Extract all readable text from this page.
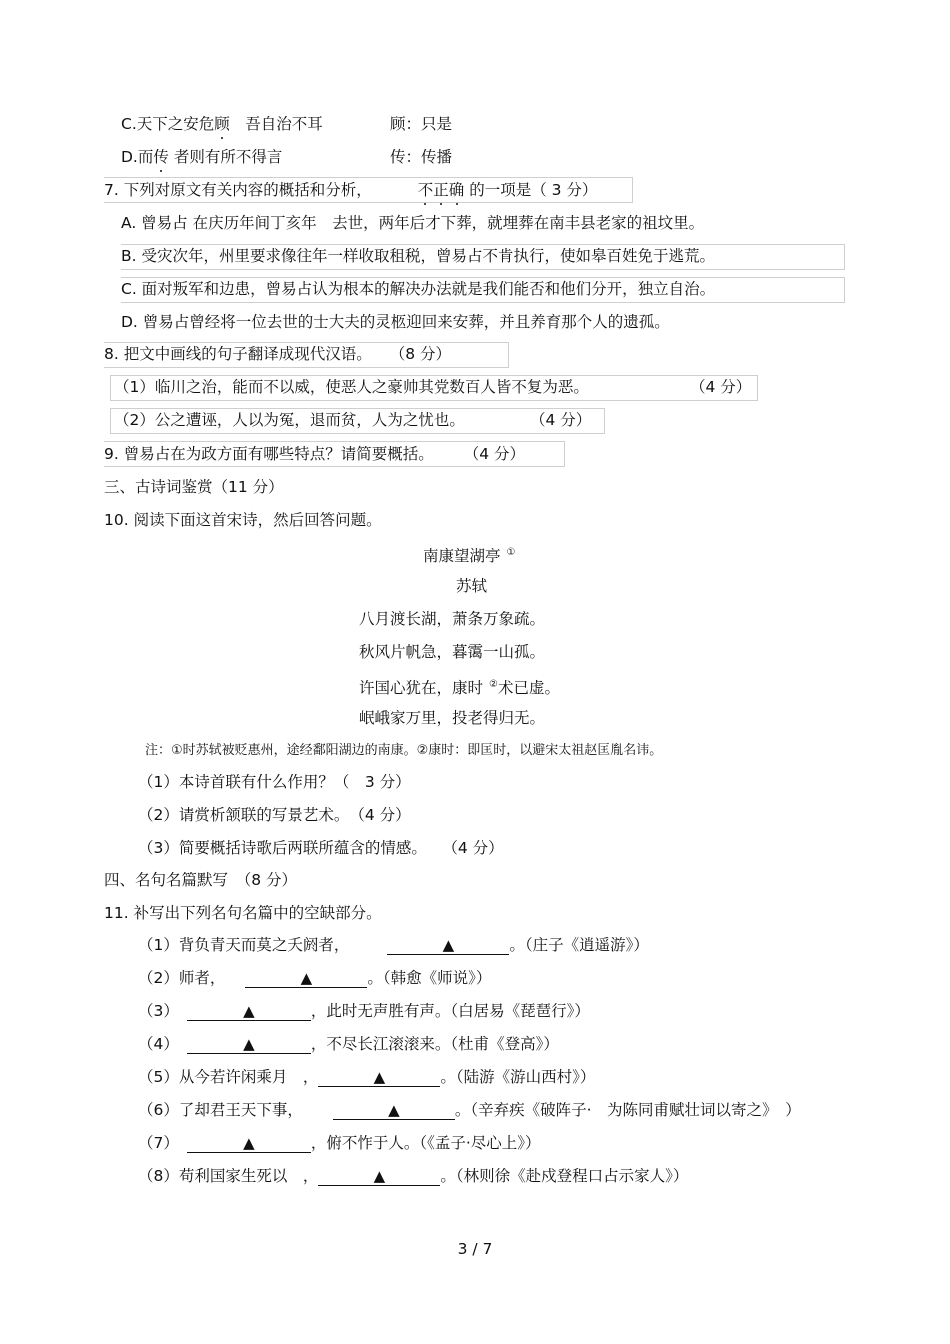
C.天下之安危顾　 吾自治不耳	顾：只是
D.而传 者则有所不得言	传：传播
7. 下列对原文有关内容的概括和分析，	不正确 的一项是（ 3 分）
A. 曾易占 在庆历年间丁亥年　去世，两年后才下葬，就埋葬在南丰县老家的祖坟里。
B. 受灾次年，州里要求像往年一样收取租税，曾易占不肯执行，使如皋百姓免于逃荒。
C. 面对叛军和边患，曾易占认为根本的解决办法就是我们能否和他们分开，独立自治。
D. 曾易占曾经将一位去世的士大夫的灵柩迎回来安葬，并且养育那个人的遗孤。
8. 把文中画线的句子翻译成现代汉语。 （8 分）
（1）临川之治，能而不以威，使恶人之豪帅其党数百人皆不复为恶。	（4 分）
（2）公之遭诬，人以为冤，退而贫，人为之忧也。	（4 分）
9. 曾易占在为政方面有哪些特点？请简要概括。 （4 分）
三、古诗词鉴赏（11 分）
10. 阅读下面这首宋诗，然后回答问题。
南康望湖亭 ①
苏轼
八月渡长湖，萧条万象疏。
秋风片帆急，暮霭一山孤。
许国心犹在，康时 ②术已虚。
岷峨家万里，投老得归无。
注：①时苏轼被贬惠州，途经鄱阳湖边的南康。②康时：即匡时，以避宋太祖赵匡胤名讳。
（1）本诗首联有什么作用？（　3 分）
（2）请赏析颔联的写景艺术。　（4 分）
（3）简要概括诗歌后两联所蕴含的情感。　　（4 分）
四、名句名篇默写　（8 分）
11. 补写出下列名句名篇中的空缺部分。
（1）背负青天而莫之夭阏者，	▲	。（庄子《逍遥游》）
（2）师者，	▲	。（韩愈《师说》）
（3）	▲	，此时无声胜有声。（白居易《琵琶行》）
（4）	▲	，不尽长江滚滚来。（杜甫《登高》）
（5）从今若许闲乘月　，	▲	。（陆游《游山西村》）
（6）了却君王天下事，	▲	。（辛弃疾《破阵子·　为陈同甫赋壮词以寄之》　）
（7）	▲	，俯不怍于人。（《孟子·尽心上》）
（8）苟利国家生死以　，	▲	。（林则徐《赴戍登程口占示家人》）
3 / 7
